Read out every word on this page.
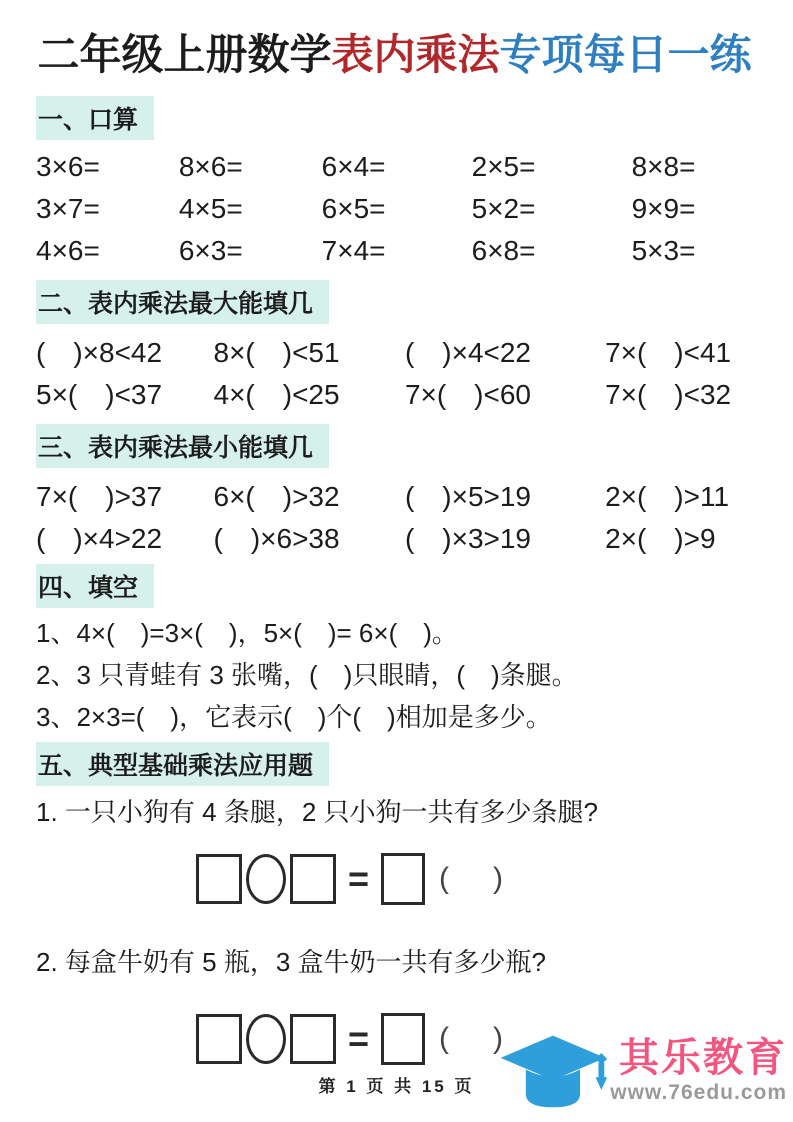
二年级上册数学表内乘法专项每日一练
一、口算
3×6=	8×6=	6×4=	2×5=	8×8=
3×7=	4×5=	6×5=	5×2=	9×9=
4×6=	6×3=	7×4=	6×8=	5×3=
二、表内乘法最大能填几
(　)×8<42	8×(　)<51	(　)×4<22	7×(　)<41
5×(　)<37	4×(　)<25	7×(　)<60	7×(　)<32
三、表内乘法最小能填几
7×(　)>37	6×(　)>32	(　)×5>19	2×(　)>11
(　)×4>22	(　)×6>38	(　)×3>19	2×(　)>9
四、填空

1、4×(　)=3×(　)，5×(　)= 6×(　)。

2、3 只青蛙有 3 张嘴，(　)只眼睛，(　)条腿。

3、2×3=(　)，它表示(　)个(　)相加是多少。

五、典型基础乘法应用题

1. 一只小狗有 4 条腿，2 只小狗一共有多少条腿?

= ( )

2. 每盒牛奶有 5 瓶，3 盒牛奶一共有多少瓶?

= ( )
第 1 页 共 15 页
其乐教育
www.76edu.com
